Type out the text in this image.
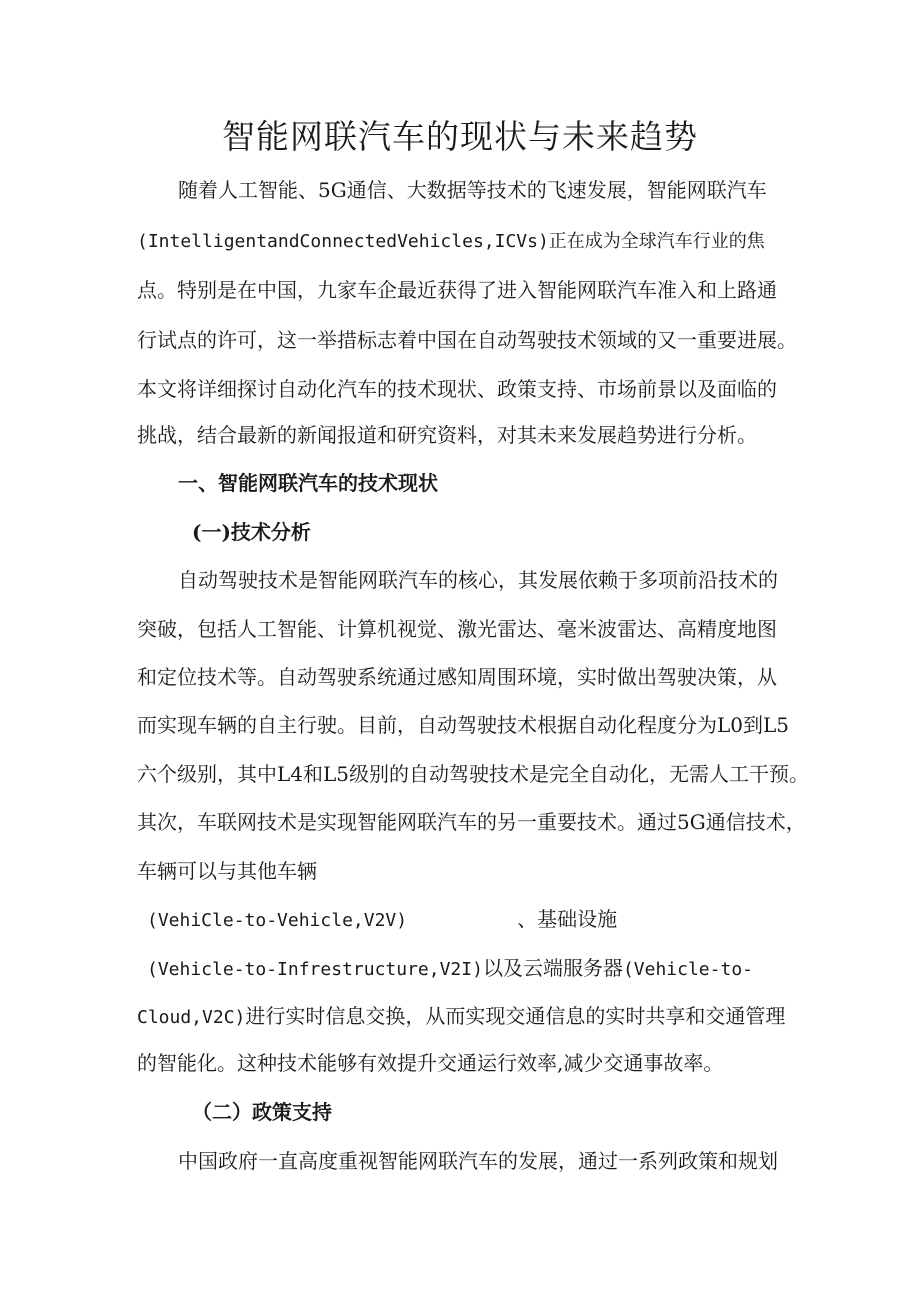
智能网联汽车的现状与未来趋势

随着人工智能、5G通信、大数据等技术的飞速发展，智能网联汽车

(IntelligentandConnectedVehicles,ICVs)正在成为全球汽车行业的焦

点。特别是在中国，九家车企最近获得了进入智能网联汽车准入和上路通

行试点的许可，这一举措标志着中国在自动驾驶技术领域的又一重要进展。

本文将详细探讨自动化汽车的技术现状、政策支持、市场前景以及面临的

挑战，结合最新的新闻报道和研究资料，对其未来发展趋势进行分析。

一、智能网联汽车的技术现状

(一)技术分析

自动驾驶技术是智能网联汽车的核心，其发展依赖于多项前沿技术的

突破，包括人工智能、计算机视觉、激光雷达、毫米波雷达、高精度地图

和定位技术等。自动驾驶系统通过感知周围环境，实时做出驾驶决策，从

而实现车辆的自主行驶。目前，自动驾驶技术根据自动化程度分为L0到L5

六个级别，其中L4和L5级别的自动驾驶技术是完全自动化，无需人工干预。

其次，车联网技术是实现智能网联汽车的另一重要技术。通过5G通信技术，

车辆可以与其他车辆

(VehiCle-to-Vehicle,V2V)	、基础设施

(Vehicle-to-Infrestructure,V2I)以及云端服务器(Vehicle-to-

Cloud,V2C)进行实时信息交换，从而实现交通信息的实时共享和交通管理

的智能化。这种技术能够有效提升交通运行效率,减少交通事故率。

（二）政策支持

中国政府一直高度重视智能网联汽车的发展，通过一系列政策和规划
